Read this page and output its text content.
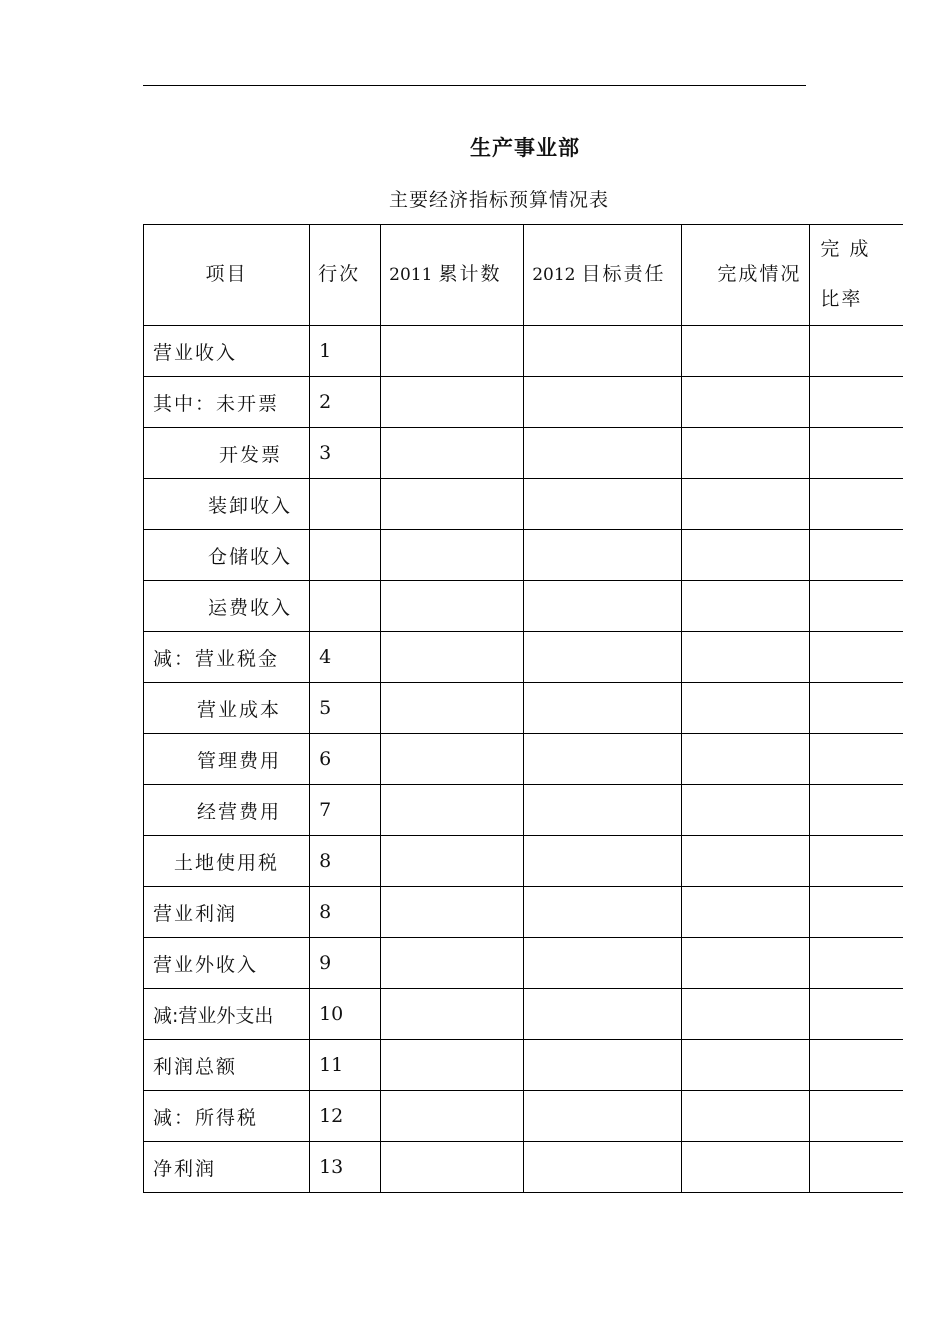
生产事业部
主要经济指标预算情况表
项目	行次	2011 累计数	2012 目标责任	完成情况	完成
比率

营业收入	1				

其中：未开票	2				

开发票	3				

装卸收入					

仓储收入					

运费收入					

减：营业税金	4				

营业成本	5				

管理费用	6				

经营费用	7				

土地使用税	8				

营业利润	8				

营业外收入	9				

减:营业外支出	10				

利润总额	11				

减：所得税	12				

净利润	13				
